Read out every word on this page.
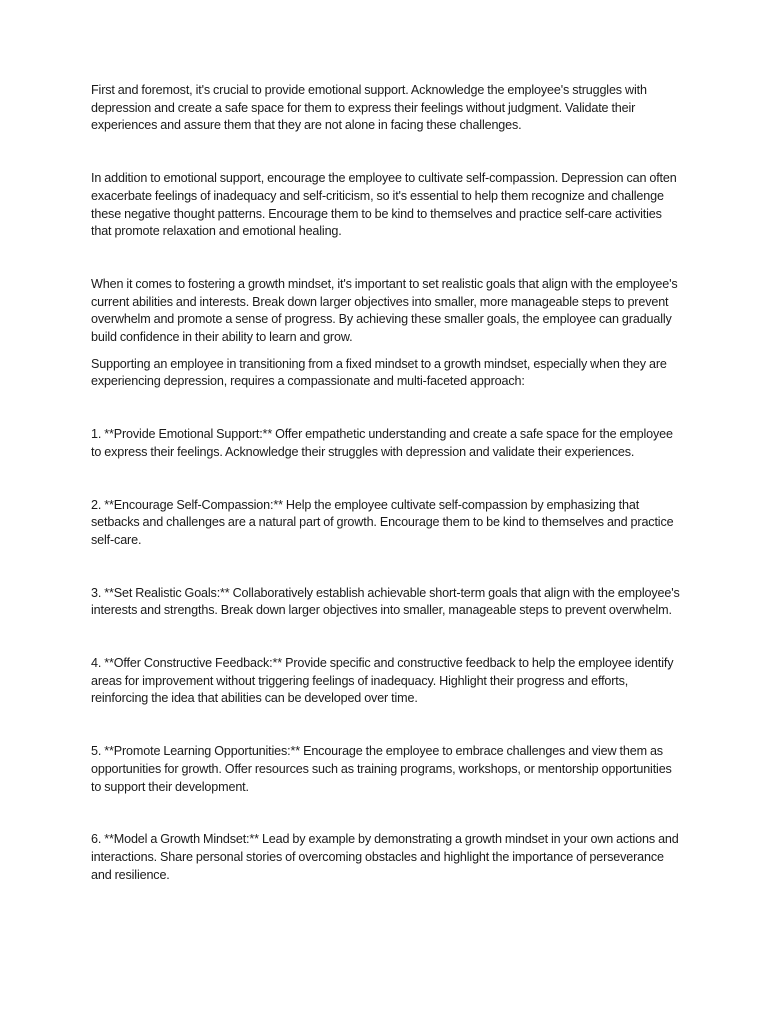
First and foremost, it's crucial to provide emotional support. Acknowledge the employee's struggles with depression and create a safe space for them to express their feelings without judgment. Validate their experiences and assure them that they are not alone in facing these challenges.

In addition to emotional support, encourage the employee to cultivate self-compassion. Depression can often exacerbate feelings of inadequacy and self-criticism, so it's essential to help them recognize and challenge these negative thought patterns. Encourage them to be kind to themselves and practice self-care activities that promote relaxation and emotional healing.

When it comes to fostering a growth mindset, it's important to set realistic goals that align with the employee's current abilities and interests. Break down larger objectives into smaller, more manageable steps to prevent overwhelm and promote a sense of progress. By achieving these smaller goals, the employee can gradually build confidence in their ability to learn and grow.

Supporting an employee in transitioning from a fixed mindset to a growth mindset, especially when they are experiencing depression, requires a compassionate and multi-faceted approach:

1. **Provide Emotional Support:** Offer empathetic understanding and create a safe space for the employee to express their feelings. Acknowledge their struggles with depression and validate their experiences.

2. **Encourage Self-Compassion:** Help the employee cultivate self-compassion by emphasizing that setbacks and challenges are a natural part of growth. Encourage them to be kind to themselves and practice self-care.

3. **Set Realistic Goals:** Collaboratively establish achievable short-term goals that align with the employee's interests and strengths. Break down larger objectives into smaller, manageable steps to prevent overwhelm.

4. **Offer Constructive Feedback:** Provide specific and constructive feedback to help the employee identify areas for improvement without triggering feelings of inadequacy. Highlight their progress and efforts, reinforcing the idea that abilities can be developed over time.

5. **Promote Learning Opportunities:** Encourage the employee to embrace challenges and view them as opportunities for growth. Offer resources such as training programs, workshops, or mentorship opportunities to support their development.

6. **Model a Growth Mindset:** Lead by example by demonstrating a growth mindset in your own actions and interactions. Share personal stories of overcoming obstacles and highlight the importance of perseverance and resilience.
